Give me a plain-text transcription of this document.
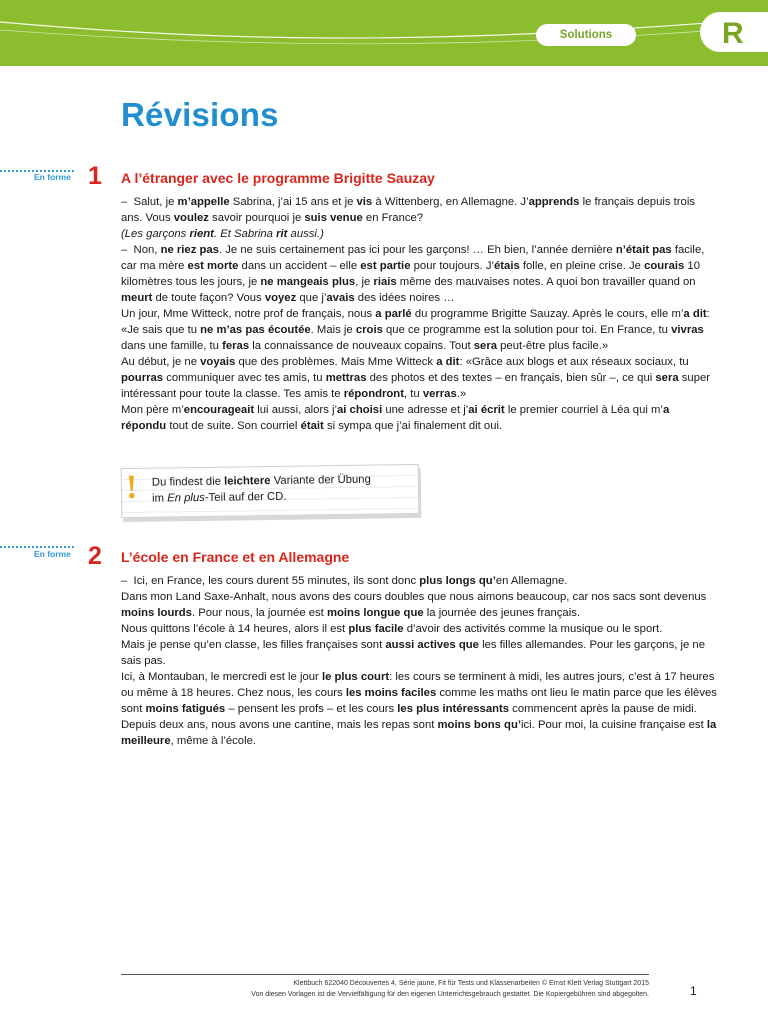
Solutions	R
Révisions
En forme 1 A l’étranger avec le programme Brigitte Sauzay

–  Salut, je m’appelle Sabrina, j’ai 15 ans et je vis à Wittenberg, en Allemagne. J’apprends le français depuis trois ans. Vous voulez savoir pourquoi je suis venue en France?

(Les garçons rient. Et Sabrina rit aussi.)

–  Non, ne riez pas. Je ne suis certainement pas ici pour les garçons! … Eh bien, l’année dernière n’était pas facile, car ma mère est morte dans un accident – elle est partie pour toujours. J’étais folle, en pleine crise. Je courais 10 kilomètres tous les jours, je ne mangeais plus, je riais même des mauvaises notes. A quoi bon travailler quand on meurt de toute façon? Vous voyez que j’avais des idées noires …

Un jour, Mme Witteck, notre prof de français, nous a parlé du programme Brigitte Sauzay. Après le cours, elle m’a dit: «Je sais que tu ne m’as pas écoutée. Mais je crois que ce programme est la solution pour toi. En France, tu vivras dans une famille, tu feras la connaissance de nouveaux copains. Tout sera peut-être plus facile.»

Au début, je ne voyais que des problèmes. Mais Mme Witteck a dit: «Grâce aux blogs et aux réseaux sociaux, tu pourras communiquer avec tes amis, tu mettras des photos et des textes – en français, bien sûr –, ce qui sera super intéressant pour toute la classe. Tes amis te répondront, tu verras.»

Mon père m’encourageait lui aussi, alors j’ai choisi une adresse et j’ai écrit le premier courriel à Léa qui m’a répondu tout de suite. Son courriel était si sympa que j’ai finalement dit oui.

! Du findest die leichtere Variante der Übung
im En plus-Teil auf der CD.
En forme 2 L’école en France et en Allemagne

–  Ici, en France, les cours durent 55 minutes, ils sont donc plus longs qu’en Allemagne.

Dans mon Land Saxe-Anhalt, nous avons des cours doubles que nous aimons beaucoup, car nos sacs sont devenus moins lourds. Pour nous, la journée est moins longue que la journée des jeunes français.

Nous quittons l’école à 14 heures, alors il est plus facile d’avoir des activités comme la musique ou le sport.

Mais je pense qu’en classe, les filles françaises sont aussi actives que les filles allemandes. Pour les garçons, je ne sais pas.

Ici, à Montauban, le mercredi est le jour le plus court: les cours se terminent à midi, les autres jours, c’est à 17 heures ou même à 18 heures. Chez nous, les cours les moins faciles comme les maths ont lieu le matin parce que les élèves sont moins fatigués – pensent les profs – et les cours les plus intéressants commencent après la pause de midi. Depuis deux ans, nous avons une cantine, mais les repas sont moins bons qu’ici. Pour moi, la cuisine française est la meilleure, même à l’école.

Klettbuch 622040 Découvertes 4, Série jaune, Fit für Tests und Klassenarbeiten © Ernst Klett Verlag Stuttgart 2015
Von diesen Vorlagen ist die Vervielfältigung für den eigenen Unterrichtsgebrauch gestattet. Die Kopiergebühren sind abgegolten.	1
